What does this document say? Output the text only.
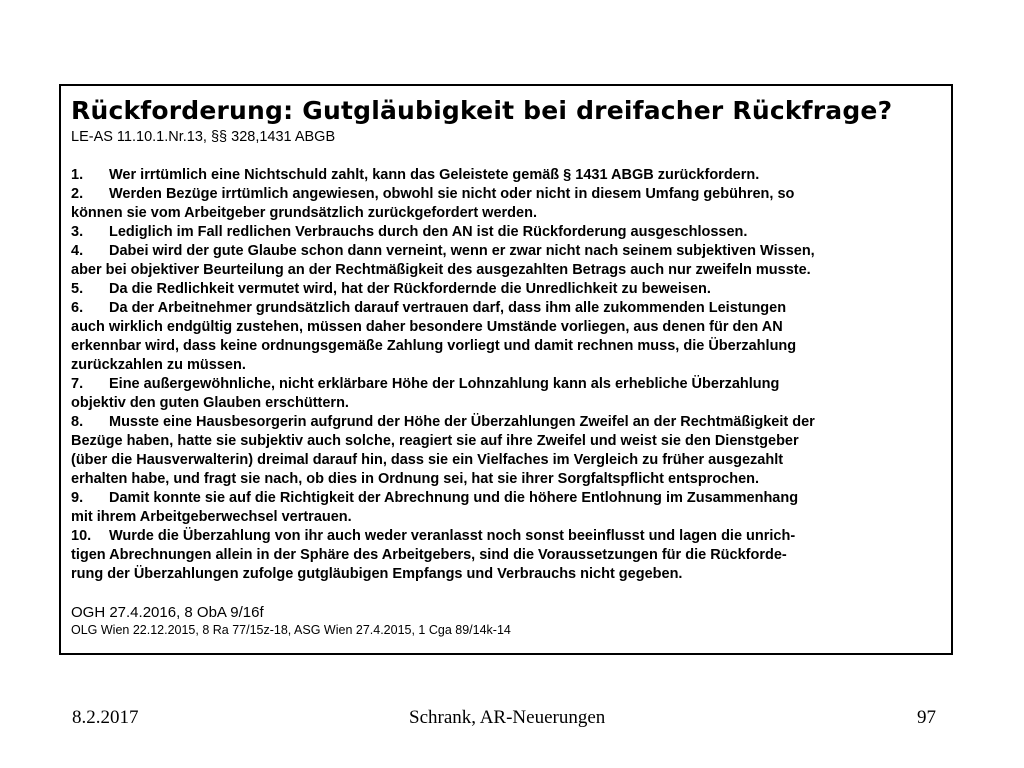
Rückforderung: Gutgläubigkeit bei dreifacher Rückfrage?

LE-AS 11.10.1.Nr.13, §§ 328,1431 ABGB

1. Wer irrtümlich eine Nichtschuld zahlt, kann das Geleistete gemäß § 1431 ABGB zurückfordern.

2. Werden Bezüge irrtümlich angewiesen, obwohl sie nicht oder nicht in diesem Umfang gebühren, so

können sie vom Arbeitgeber grundsätzlich zurückgefordert werden.

3. Lediglich im Fall redlichen Verbrauchs durch den AN ist die Rückforderung ausgeschlossen.

4. Dabei wird der gute Glaube schon dann verneint, wenn er zwar nicht nach seinem subjektiven Wissen,

aber bei objektiver Beurteilung an der Rechtmäßigkeit des ausgezahlten Betrags auch nur zweifeln musste.

5. Da die Redlichkeit vermutet wird, hat der Rückfordernde die Unredlichkeit zu beweisen.

6. Da der Arbeitnehmer grundsätzlich darauf vertrauen darf, dass ihm alle zukommenden Leistungen

auch wirklich endgültig zustehen, müssen daher besondere Umstände vorliegen, aus denen für den AN

erkennbar wird, dass keine ordnungsgemäße Zahlung vorliegt und damit rechnen muss, die Überzahlung

zurückzahlen zu müssen.

7. Eine außergewöhnliche, nicht erklärbare Höhe der Lohnzahlung kann als erhebliche Überzahlung

objektiv den guten Glauben erschüttern.

8. Musste eine Hausbesorgerin aufgrund der Höhe der Überzahlungen Zweifel an der Rechtmäßigkeit der

Bezüge haben, hatte sie subjektiv auch solche, reagiert sie auf ihre Zweifel und weist sie den Dienstgeber

(über die Hausverwalterin) dreimal darauf hin, dass sie ein Vielfaches im Vergleich zu früher ausgezahlt

erhalten habe, und fragt sie nach, ob dies in Ordnung sei, hat sie ihrer Sorgfaltspflicht entsprochen.

9. Damit konnte sie auf die Richtigkeit der Abrechnung und die höhere Entlohnung im Zusammenhang

mit ihrem Arbeitgeberwechsel vertrauen.

10. Wurde die Überzahlung von ihr auch weder veranlasst noch sonst beeinflusst und lagen die unrich-

tigen Abrechnungen allein in der Sphäre des Arbeitgebers, sind die Voraussetzungen für die Rückforde-

rung der Überzahlungen zufolge gutgläubigen Empfangs und Verbrauchs nicht gegeben.

OGH 27.4.2016, 8 ObA 9/16f

OLG Wien 22.12.2015, 8 Ra 77/15z-18, ASG Wien 27.4.2015, 1 Cga 89/14k-14

8.2.2017	Schrank, AR-Neuerungen	97
